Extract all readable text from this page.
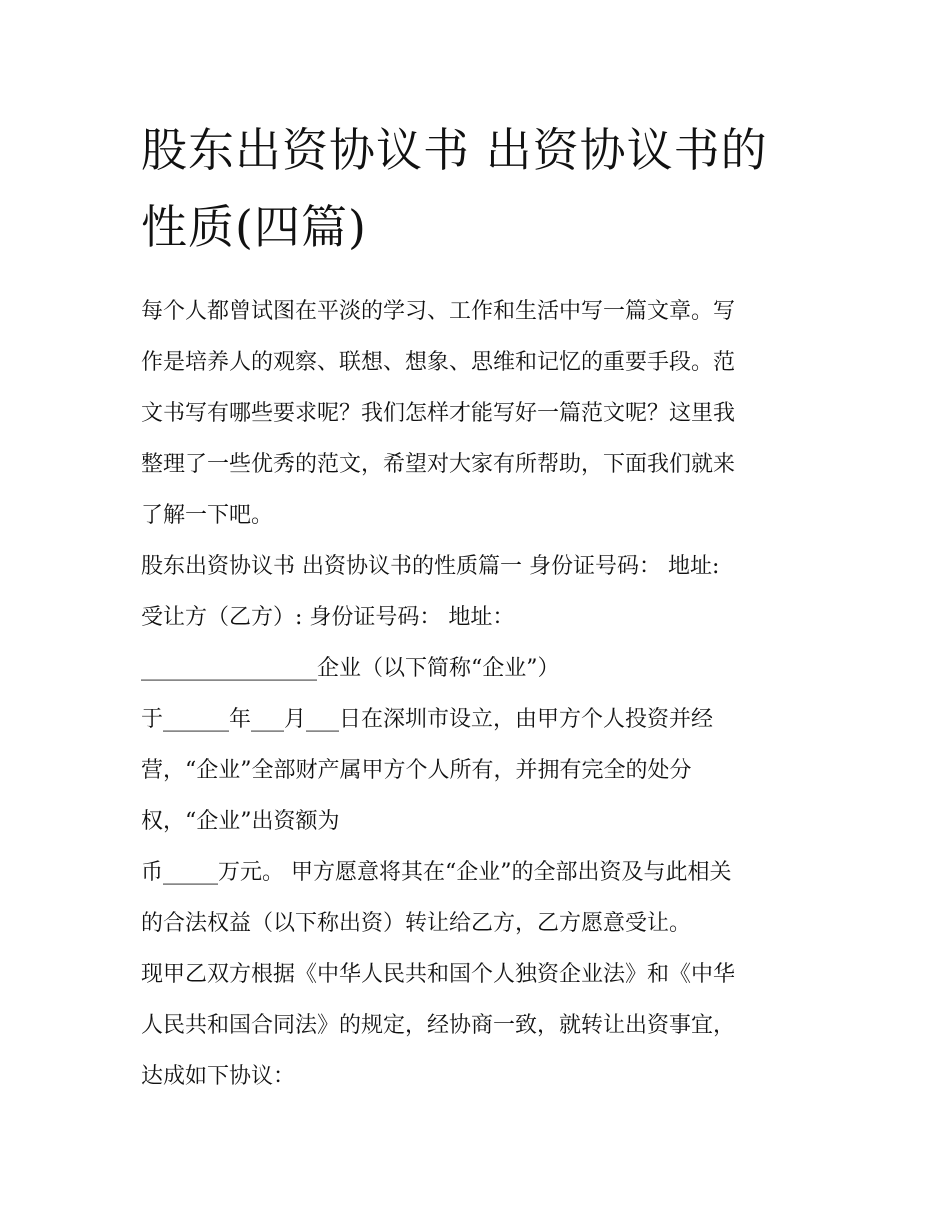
股东出资协议书 出资协议书的
性质(四篇)
每个人都曾试图在平淡的学习、工作和生活中写一篇文章。写
作是培养人的观察、联想、想象、思维和记忆的重要手段。范
文书写有哪些要求呢？我们怎样才能写好一篇范文呢？这里我
整理了一些优秀的范文，希望对大家有所帮助，下面我们就来
了解一下吧。
股东出资协议书 出资协议书的性质篇一 身份证号码： 地址:
受让方（乙方）: 身份证号码： 地址：
________________企业（以下简称“企业”）
于______年___月___日在深圳市设立，由甲方个人投资并经
营，“企业”全部财产属甲方个人所有，并拥有完全的处分
权，“企业”出资额为
币_____万元。 甲方愿意将其在“企业”的全部出资及与此相关
的合法权益（以下称出资）转让给乙方，乙方愿意受让。
现甲乙双方根据《中华人民共和国个人独资企业法》和《中华
人民共和国合同法》的规定，经协商一致，就转让出资事宜，
达成如下协议：
